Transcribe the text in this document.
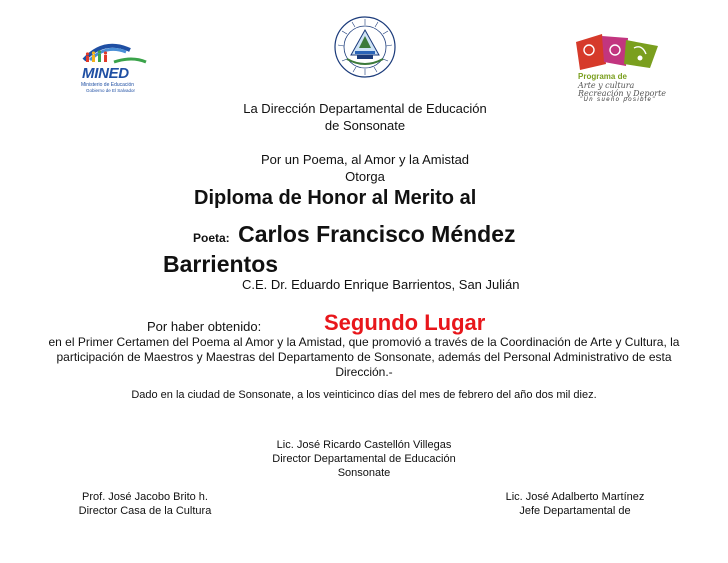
MINED
Ministerio de Educación
Gobierno de El Salvador
Programa de
Arte y cultura
Recreación y Deporte
"Un sueño posible"
La Dirección Departamental de Educación
de Sonsonate
Por un Poema, al Amor y la Amistad
Otorga
Diploma de Honor al Merito al
Poeta: Carlos Francisco Méndez
Barrientos
C.E. Dr. Eduardo Enrique Barrientos, San Julián
Por haber obtenido:	Segundo Lugar
en el Primer Certamen del Poema al Amor y la Amistad, que promovió a través de la Coordinación de Arte y Cultura, la
participación de Maestros y Maestras del Departamento de Sonsonate, además del Personal Administrativo de esta
Dirección.-
Dado en la ciudad de Sonsonate, a los veinticinco días del mes de febrero del año dos mil diez.
Lic. José Ricardo Castellón Villegas
Director Departamental de Educación
Sonsonate
Prof. José Jacobo Brito h.
Director Casa de la Cultura
Lic. José Adalberto Martínez
Jefe Departamental de
